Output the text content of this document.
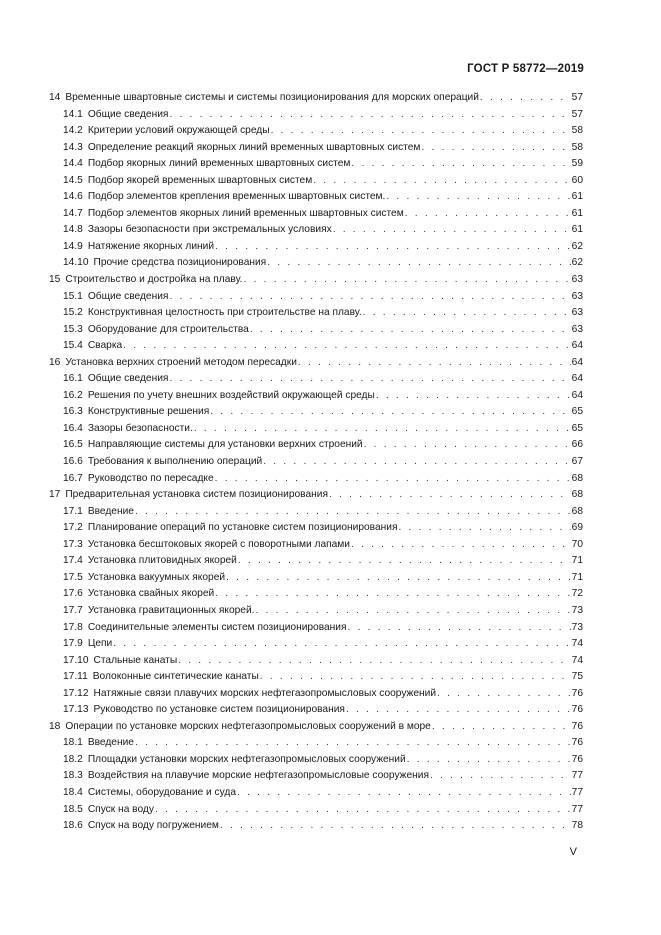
ГОСТ Р 58772—2019
14 Временные швартовные системы и системы позиционирования для морских операций . . .	57
14.1 Общие сведения . . .	57
14.2 Критерии условий окружающей среды . . .	58
14.3 Определение реакций якорных линий временных швартовных систем . . .	58
14.4 Подбор якорных линий временных швартовных систем . . .	59
14.5 Подбор якорей временных швартовных систем . . .	60
14.6 Подбор элементов крепления временных швартовных систем. . . .	61
14.7 Подбор элементов якорных линий временных швартовных систем . . .	61
14.8 Зазоры безопасности при экстремальных условиях . . .	61
14.9 Натяжение якорных линий . . .	62
14.10 Прочие средства позиционирования . . .	62
15 Строительство и достройка на плаву. . . .	63
15.1 Общие сведения . . .	63
15.2 Конструктивная целостность при строительстве на плаву. . . .	63
15.3 Оборудование для строительства . . .	63
15.4 Сварка . . .	64
16 Установка верхних строений методом пересадки . . .	64
16.1 Общие сведения . . .	64
16.2 Решения по учету внешних воздействий окружающей среды . . .	64
16.3 Конструктивные решения . . .	65
16.4 Зазоры безопасности. . . .	65
16.5 Направляющие системы для установки верхних строений . . .	66
16.6 Требования к выполнению операций . . .	67
16.7 Руководство по пересадке . . .	68
17 Предварительная установка систем позиционирования . . .	68
17.1 Введение . . .	68
17.2 Планирование операций по установке систем позиционирования . . .	69
17.3 Установка бесштоковых якорей с поворотными лапами . . .	70
17.4 Установка плитовидных якорей . . .	71
17.5 Установка вакуумных якорей . . .	71
17.6 Установка свайных якорей . . .	72
17.7 Установка гравитационных якорей. . . .	73
17.8 Соединительные элементы систем позиционирования . . .	73
17.9 Цепи . . .	74
17.10 Стальные канаты . . .	74
17.11 Волоконные синтетические канаты . . .	75
17.12 Натяжные связи плавучих морских нефтегазопромысловых сооружений . . .	76
17.13 Руководство по установке систем позиционирования . . .	76
18 Операции по установке морских нефтегазопромысловых сооружений в море . . .	76
18.1 Введение . . .	76
18.2 Площадки установки морских нефтегазопромысловых сооружений . . .	76
18.3 Воздействия на плавучие морские нефтегазопромысловые сооружения . . .	77
18.4 Системы, оборудование и суда . . .	77
18.5 Спуск на воду . . .	77
18.6 Спуск на воду погружением . . .	78
V
